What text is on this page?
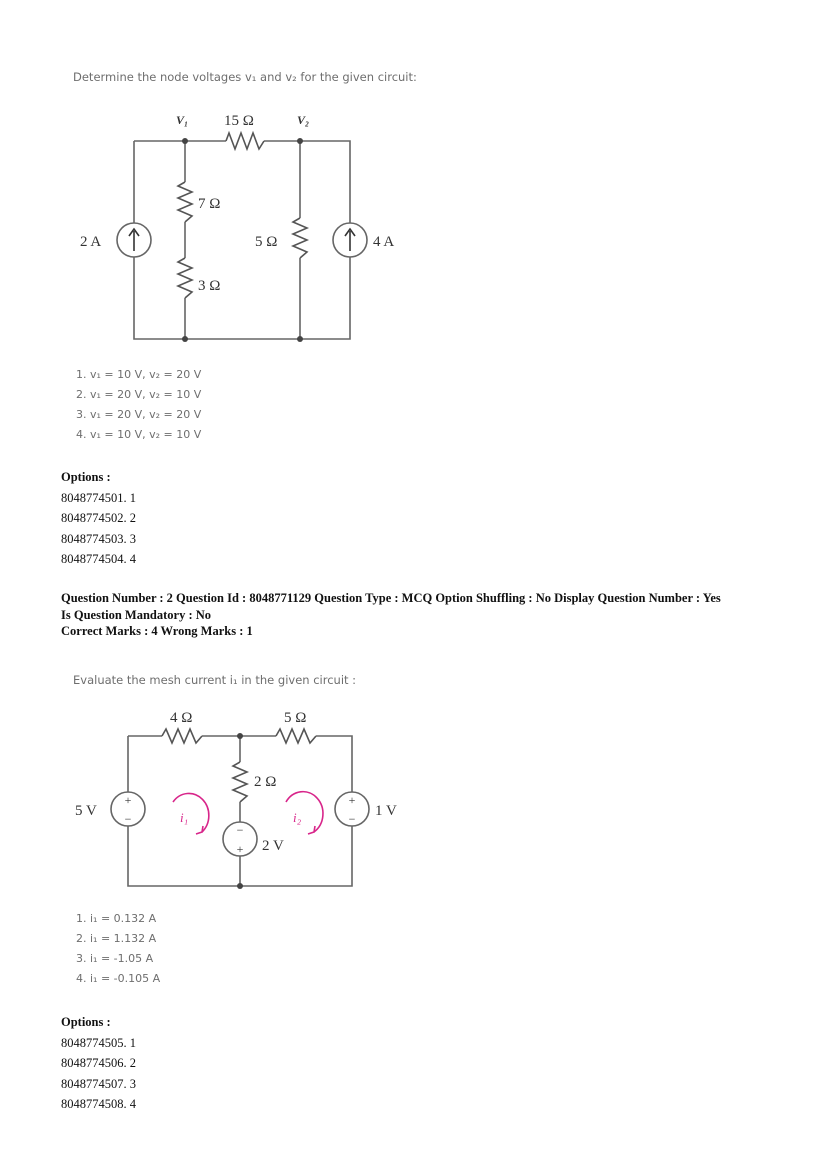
Determine the node voltages v₁ and v₂ for the given circuit:
V₁	V₂
15 Ω
7 Ω
3 Ω
5 Ω
2 A	4 A
1. v₁ = 10 V, v₂ = 20 V
2. v₁ = 20 V, v₂ = 10 V
3. v₁ = 20 V, v₂ = 20 V
4. v₁ = 10 V, v₂ = 10 V
Options :
8048774501. 1
8048774502. 2
8048774503. 3
8048774504. 4
Question Number : 2 Question Id : 8048771129 Question Type : MCQ Option Shuffling : No Display Question Number : Yes
Is Question Mandatory : No
Correct Marks : 4 Wrong Marks : 1
Evaluate the mesh current i₁ in the given circuit :
+
−
+
−
−
+
i₁	i₂
4 Ω	5 Ω
2 Ω
5 V
2 V
1 V
1. i₁ = 0.132 A
2. i₁ = 1.132 A
3. i₁ = -1.05 A
4. i₁ = -0.105 A
Options :
8048774505. 1
8048774506. 2
8048774507. 3
8048774508. 4
